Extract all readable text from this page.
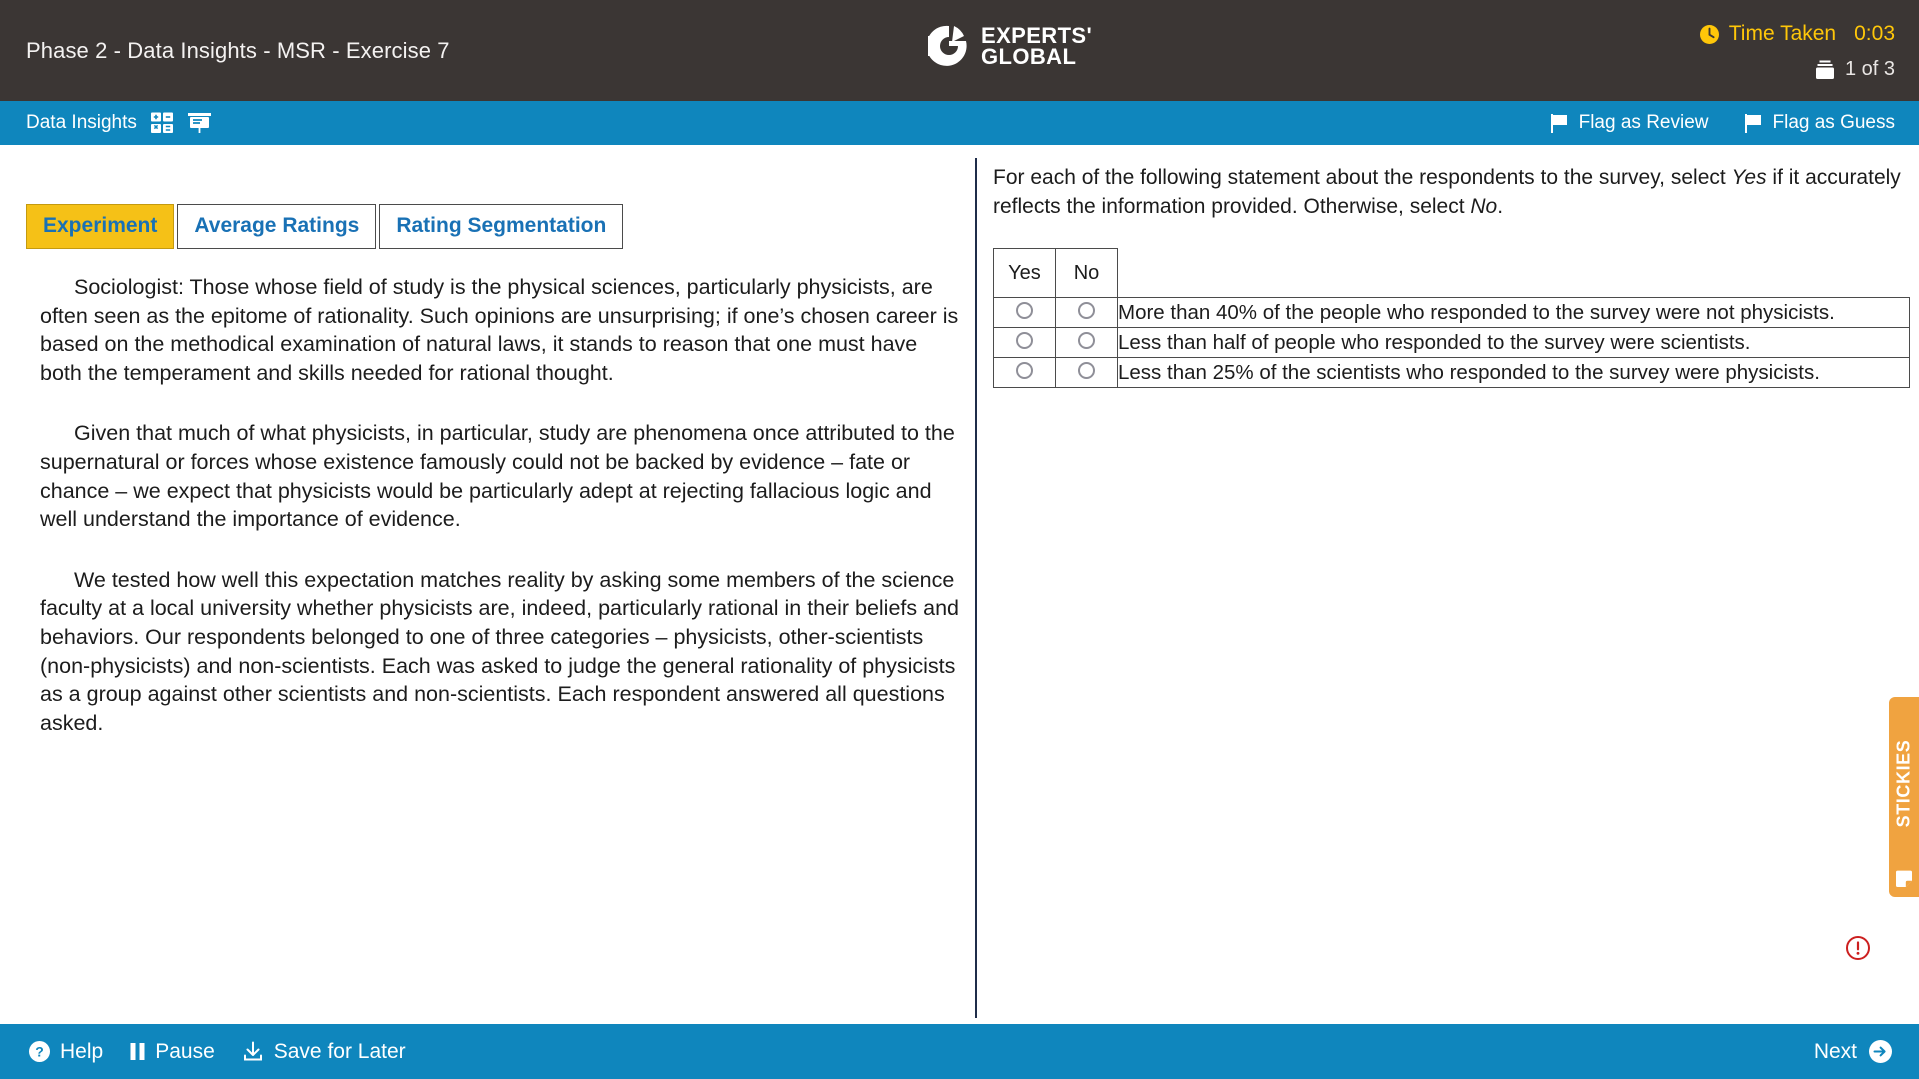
Phase 2 - Data Insights - MSR - Exercise 7
EXPERTS'
GLOBAL
Time Taken 0:03
1 of 3
Data Insights	Flag as Review	Flag as Guess
Experiment	Average Ratings	Rating Segmentation

Sociologist: Those whose field of study is the physical sciences, particularly physicists, are often seen as the epitome of rationality. Such opinions are unsurprising; if one’s chosen career is based on the methodical examination of natural laws, it stands to reason that one must have both the temperament and skills needed for rational thought.

Given that much of what physicists, in particular, study are phenomena once attributed to the supernatural or forces whose existence famously could not be backed by evidence – fate or chance – we expect that physicists would be particularly adept at rejecting fallacious logic and well understand the importance of evidence.

We tested how well this expectation matches reality by asking some members of the science faculty at a local university whether physicists are, indeed, particularly rational in their beliefs and behaviors. Our respondents belonged to one of three categories – physicists, other-scientists (non-physicists) and non-scientists. Each was asked to judge the general rationality of physicists as a group against other scientists and non-scientists. Each respondent answered all questions asked.

For each of the following statement about the respondents to the survey, select Yes if it accurately reflects the information provided. Otherwise, select No.
Yes	No	
		More than 40% of the people who responded to the survey were not physicists.
		Less than half of people who responded to the survey were scientists.
		Less than 25% of the scientists who responded to the survey were physicists.
STICKIES
? Help Pause	Save for Later	Next
